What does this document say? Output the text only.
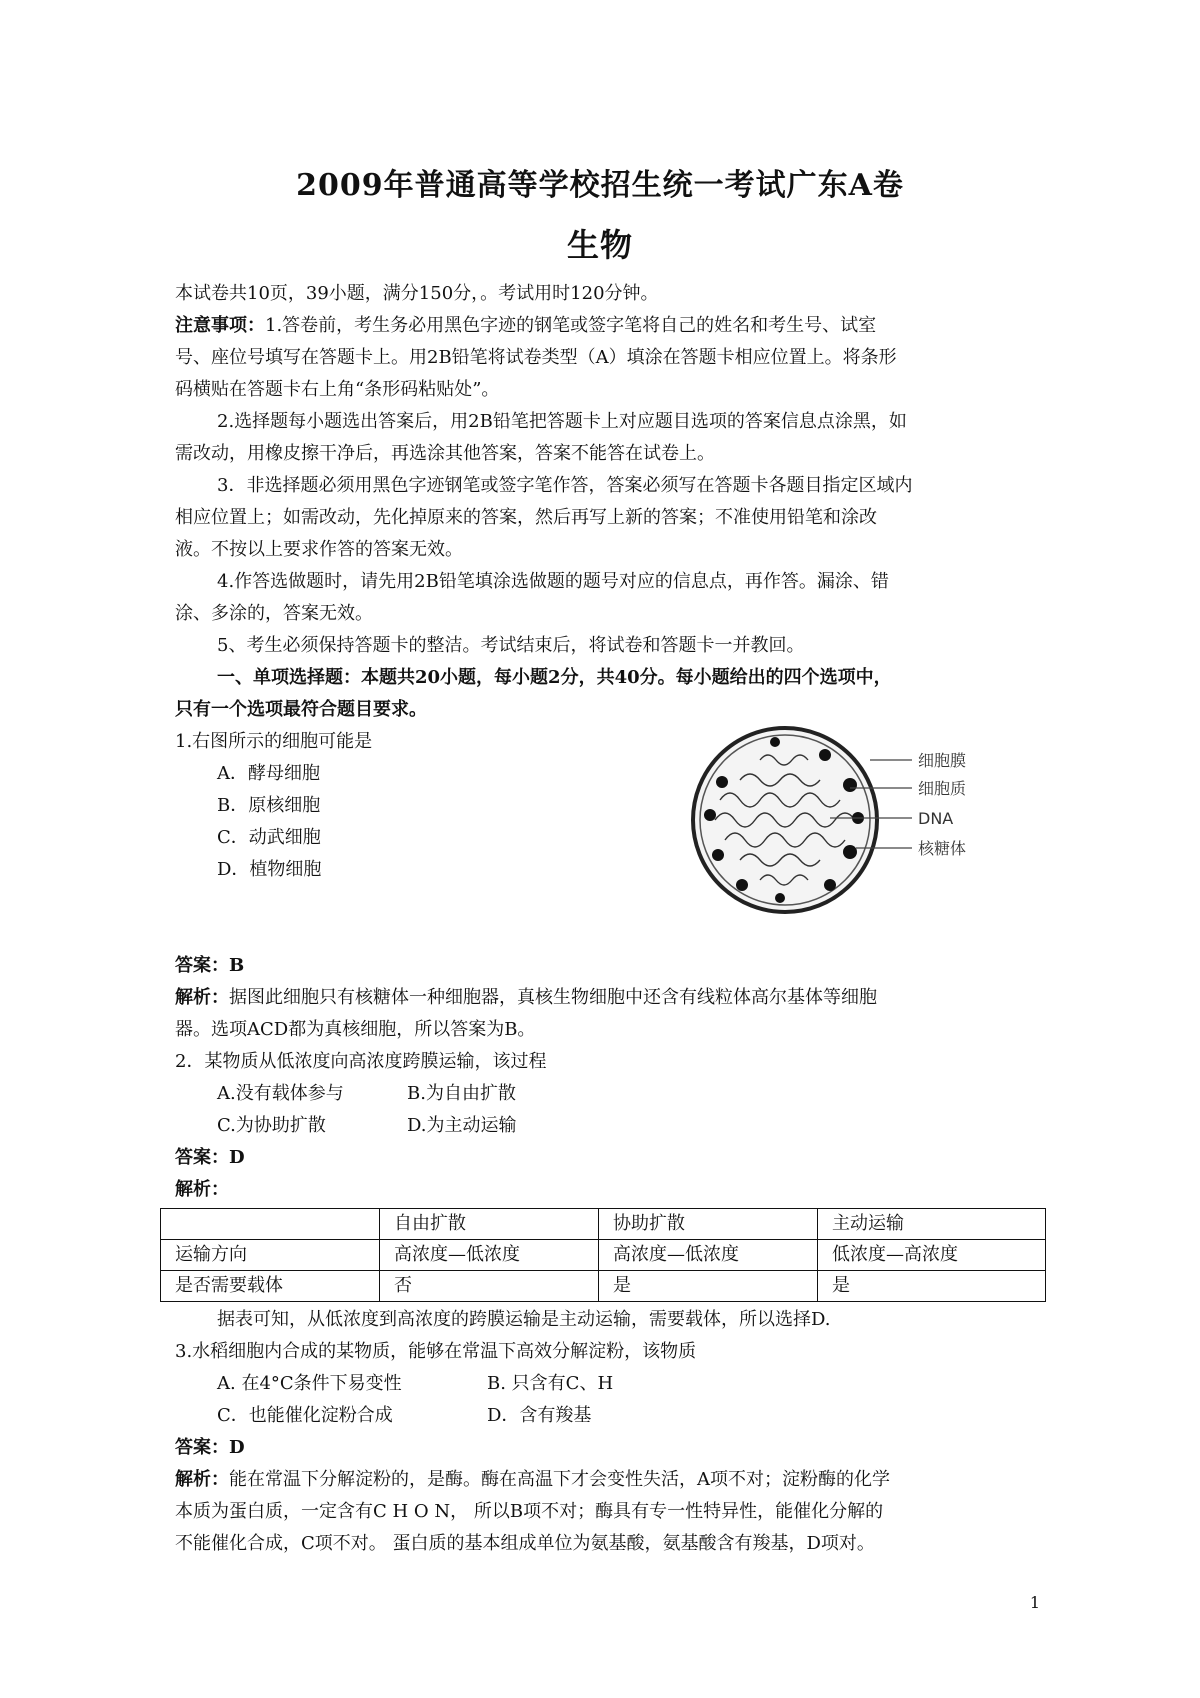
2009年普通高等学校招生统一考试广东A卷
生物
本试卷共10页，39小题，满分150分，。考试用时120分钟。
注意事项：1.答卷前，考生务必用黑色字迹的钢笔或签字笔将自己的姓名和考生号、试室
号、座位号填写在答题卡上。用2B铅笔将试卷类型（A）填涂在答题卡相应位置上。将条形
码横贴在答题卡右上角“条形码粘贴处”。
2.选择题每小题选出答案后，用2B铅笔把答题卡上对应题目选项的答案信息点涂黑，如
需改动，用橡皮擦干净后，再选涂其他答案，答案不能答在试卷上。
3．非选择题必须用黑色字迹钢笔或签字笔作答，答案必须写在答题卡各题目指定区域内
相应位置上；如需改动，先化掉原来的答案，然后再写上新的答案；不准使用铅笔和涂改
液。不按以上要求作答的答案无效。
4.作答选做题时，请先用2B铅笔填涂选做题的题号对应的信息点，再作答。漏涂、错
涂、多涂的，答案无效。
5、考生必须保持答题卡的整洁。考试结束后，将试卷和答题卡一并教回。
一、单项选择题：本题共20小题，每小题2分，共40分。每小题给出的四个选项中，
只有一个选项最符合题目要求。
1.右图所示的细胞可能是
A．酵母细胞
B．原核细胞
C．动武细胞
D．植物细胞
答案：B
解析：据图此细胞只有核糖体一种细胞器，真核生物细胞中还含有线粒体高尔基体等细胞
器。选项ACD都为真核细胞，所以答案为B。
2．某物质从低浓度向高浓度跨膜运输，该过程
A.没有载体参与	B.为自由扩散
C.为协助扩散	D.为主动运输
答案：D
解析：
	自由扩散	协助扩散	主动运输
运输方向	高浓度—低浓度	高浓度—低浓度	低浓度—高浓度
是否需要载体	否	是	是
据表可知，从低浓度到高浓度的跨膜运输是主动运输，需要载体，所以选择D.
3.水稻细胞内合成的某物质，能够在常温下高效分解淀粉，该物质
A. 在4°C条件下易变性	B. 只含有C、H
C．也能催化淀粉合成	D．含有羧基
答案：D
解析：能在常温下分解淀粉的，是酶。酶在高温下才会变性失活，A项不对；淀粉酶的化学
本质为蛋白质，一定含有C H O N， 所以B项不对；酶具有专一性特异性，能催化分解的
不能催化合成，C项不对。 蛋白质的基本组成单位为氨基酸，氨基酸含有羧基，D项对。
细胞膜
细胞质
DNA
核糖体
1
